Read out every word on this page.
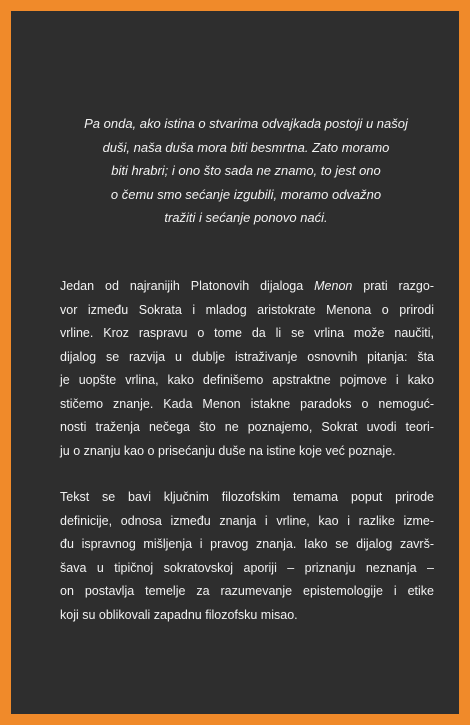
Pa onda, ako istina o stvarima odvajkada postoji u našoj
duši, naša duša mora biti besmrtna. Zato moramo
biti hrabri; i ono što sada ne znamo, to jest ono
o čemu smo sećanje izgubili, moramo odvažno
tražiti i sećanje ponovo naći.

Jedan od najranijih Platonovih dijaloga Menon prati razgo-
vor između Sokrata i mladog aristokrate Menona o prirodi
vrline. Kroz raspravu o tome da li se vrlina može naučiti,
dijalog se razvija u dublje istraživanje osnovnih pitanja: šta
je uopšte vrlina, kako definišemo apstraktne pojmove i kako
stičemo znanje. Kada Menon istakne paradoks o nemoguć-
nosti traženja nečega što ne poznajemo, Sokrat uvodi teori-
ju o znanju kao o prisećanju duše na istine koje već poznaje.

Tekst se bavi ključnim filozofskim temama poput prirode
definicije, odnosa između znanja i vrline, kao i razlike izme-
đu ispravnog mišljenja i pravog znanja. Iako se dijalog završ-
šava u tipičnoj sokratovskoj aporiji – priznanju neznanja –
on postavlja temelje za razumevanje epistemologije i etike
koji su oblikovali zapadnu filozofsku misao.
